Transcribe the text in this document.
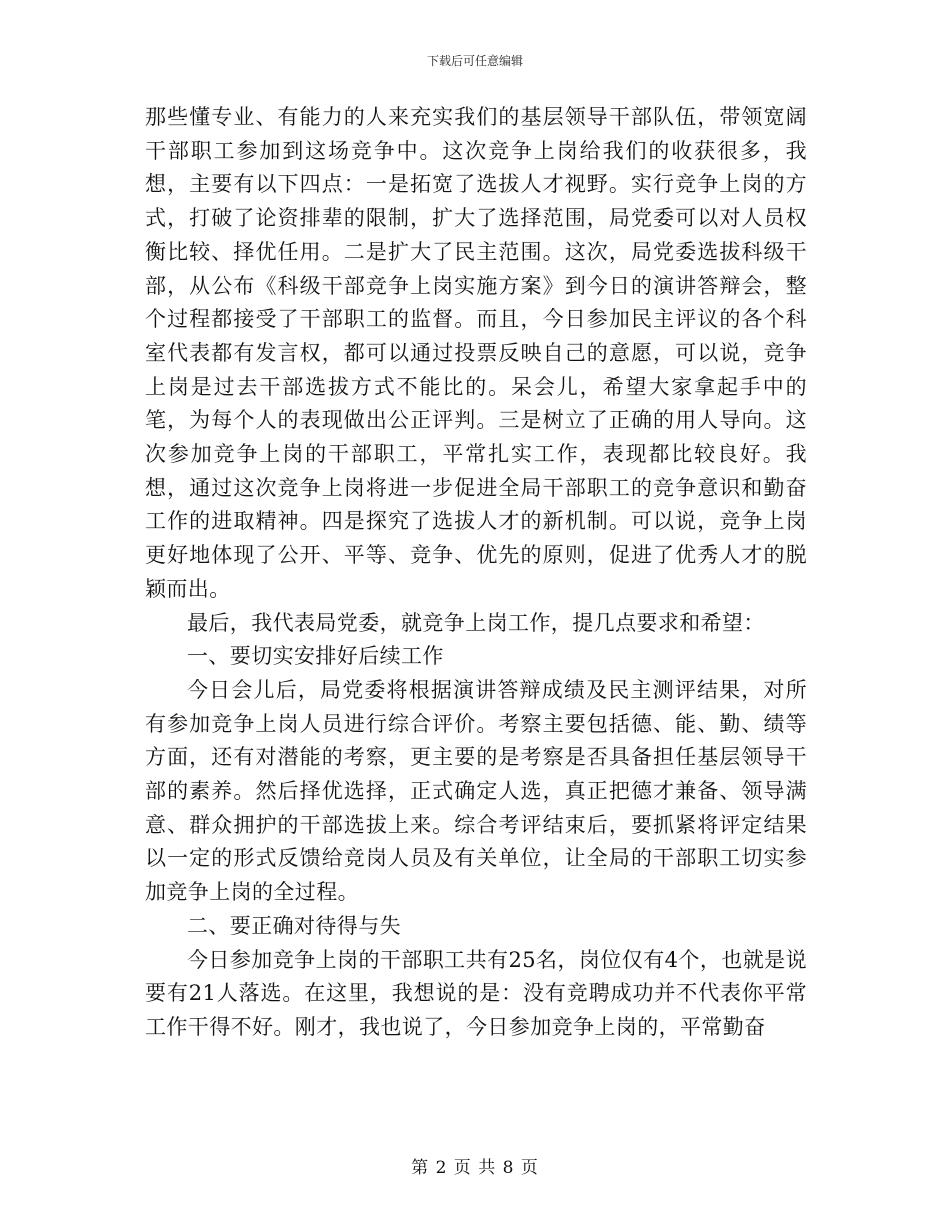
下载后可任意编辑

那些懂专业、有能力的人来充实我们的基层领导干部队伍，带领宽阔干部职工参加到这场竞争中。这次竞争上岗给我们的收获很多，我想，主要有以下四点：一是拓宽了选拔人才视野。实行竞争上岗的方式，打破了论资排辈的限制，扩大了选择范围，局党委可以对人员权衡比较、择优任用。二是扩大了民主范围。这次，局党委选拔科级干部，从公布《科级干部竞争上岗实施方案》到今日的演讲答辩会，整个过程都接受了干部职工的监督。而且，今日参加民主评议的各个科室代表都有发言权，都可以通过投票反映自己的意愿，可以说，竞争上岗是过去干部选拔方式不能比的。呆会儿，希望大家拿起手中的笔，为每个人的表现做出公正评判。三是树立了正确的用人导向。这次参加竞争上岗的干部职工，平常扎实工作，表现都比较良好。我想，通过这次竞争上岗将进一步促进全局干部职工的竞争意识和勤奋工作的进取精神。四是探究了选拔人才的新机制。可以说，竞争上岗更好地体现了公开、平等、竞争、优先的原则，促进了优秀人才的脱颖而出。

最后，我代表局党委，就竞争上岗工作，提几点要求和希望：

一、要切实安排好后续工作

今日会儿后，局党委将根据演讲答辩成绩及民主测评结果，对所有参加竞争上岗人员进行综合评价。考察主要包括德、能、勤、绩等方面，还有对潜能的考察，更主要的是考察是否具备担任基层领导干部的素养。然后择优选择，正式确定人选，真正把德才兼备、领导满意、群众拥护的干部选拔上来。综合考评结束后，要抓紧将评定结果以一定的形式反馈给竞岗人员及有关单位，让全局的干部职工切实参加竞争上岗的全过程。

二、要正确对待得与失

今日参加竞争上岗的干部职工共有25名，岗位仅有4个，也就是说要有21人落选。在这里，我想说的是：没有竞聘成功并不代表你平常工作干得不好。刚才，我也说了，今日参加竞争上岗的，平常勤奋

第 2 页 共 8 页
